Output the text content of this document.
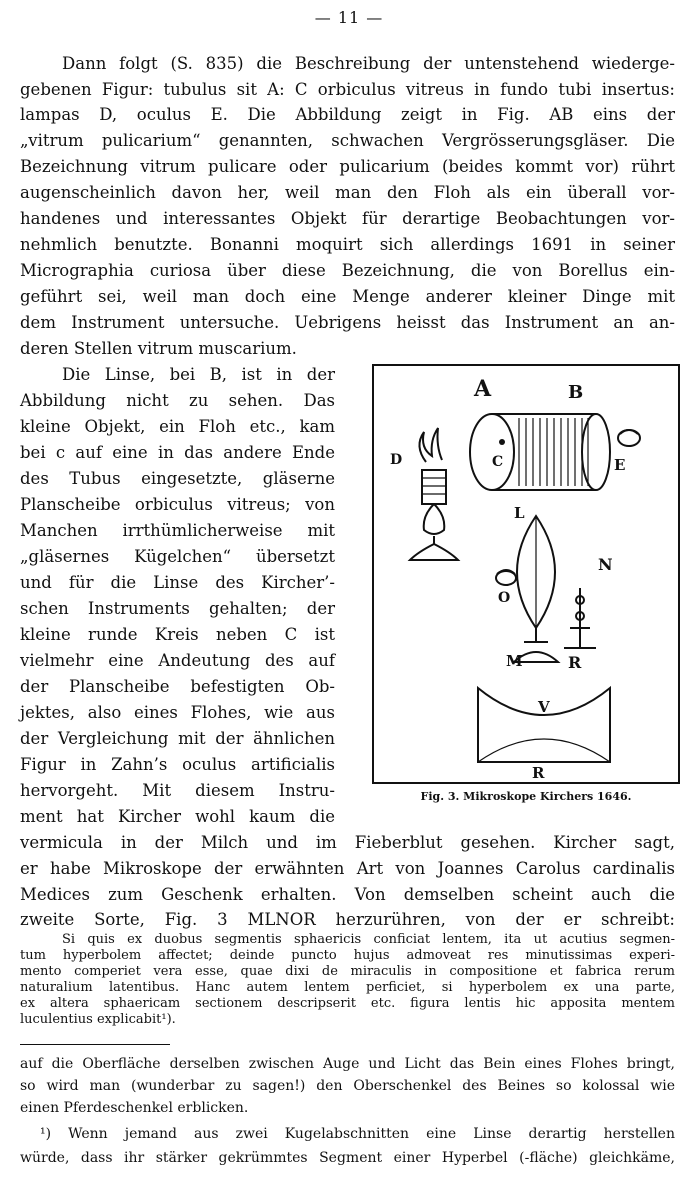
— 11 —
Dann folgt (S. 835) die Beschreibung der untenstehend wiederge-
gebenen Figur: tubulus sit A: C orbiculus vitreus in fundo tubi insertus:
lampas D, oculus E. Die Abbildung zeigt in Fig. AB eins der
„vitrum pulicarium“ genannten, schwachen Vergrösserungsgläser. Die
Bezeichnung vitrum pulicare oder pulicarium (beides kommt vor) rührt
augenscheinlich davon her, weil man den Floh als ein überall vor-
handenes und interessantes Objekt für derartige Beobachtungen vor-
nehmlich benutzte. Bonanni moquirt sich allerdings 1691 in seiner
Micrographia curiosa über diese Bezeichnung, die von Borellus ein-
geführt sei, weil man doch eine Menge anderer kleiner Dinge mit
dem Instrument untersuche. Uebrigens heisst das Instrument an an-
deren Stellen vitrum muscarium.
Die Linse, bei B, ist in der
Abbildung nicht zu sehen. Das
kleine Objekt, ein Floh etc., kam
bei c auf eine in das andere Ende
des Tubus eingesetzte, gläserne
Planscheibe orbiculus vitreus; von
Manchen irrthümlicherweise mit
„gläsernes Kügelchen“ übersetzt
und für die Linse des Kircher’-
schen Instruments gehalten; der
kleine runde Kreis neben C ist
vielmehr eine Andeutung des auf
der Planscheibe befestigten Ob-
jektes, also eines Flohes, wie aus
der Vergleichung mit der ähnlichen
Figur in Zahn’s oculus artificialis
hervorgeht. Mit diesem Instru-
ment hat Kircher wohl kaum die
A	B
C
D	E
L
N
O
M	R
V
R
Fig. 3. Mikroskope Kirchers 1646.
vermicula in der Milch und im Fieberblut gesehen. Kircher sagt,
er habe Mikroskope der erwähnten Art von Joannes Carolus cardinalis
Medices zum Geschenk erhalten. Von demselben scheint auch die
zweite Sorte, Fig. 3 MLNOR herzurühren, von der er schreibt:
Si quis ex duobus segmentis sphaericis conficiat lentem, ita ut acutius segmen-
tum hyperbolem affectet; deinde puncto hujus admoveat res minutissimas experi-
mento comperiet vera esse, quae dixi de miraculis in compositione et fabrica rerum
naturalium latentibus. Hanc autem lentem perficiet, si hyperbolem ex una parte,
ex altera sphaericam sectionem descripserit etc. figura lentis hic apposita mentem
luculentius explicabit¹).
auf die Oberfläche derselben zwischen Auge und Licht das Bein eines Flohes bringt,
so wird man (wunderbar zu sagen!) den Oberschenkel des Beines so kolossal wie
einen Pferdeschenkel erblicken.
¹) Wenn jemand aus zwei Kugelabschnitten eine Linse derartig herstellen
würde, dass ihr stärker gekrümmtes Segment einer Hyperbel (-fläche) gleichkäme,
